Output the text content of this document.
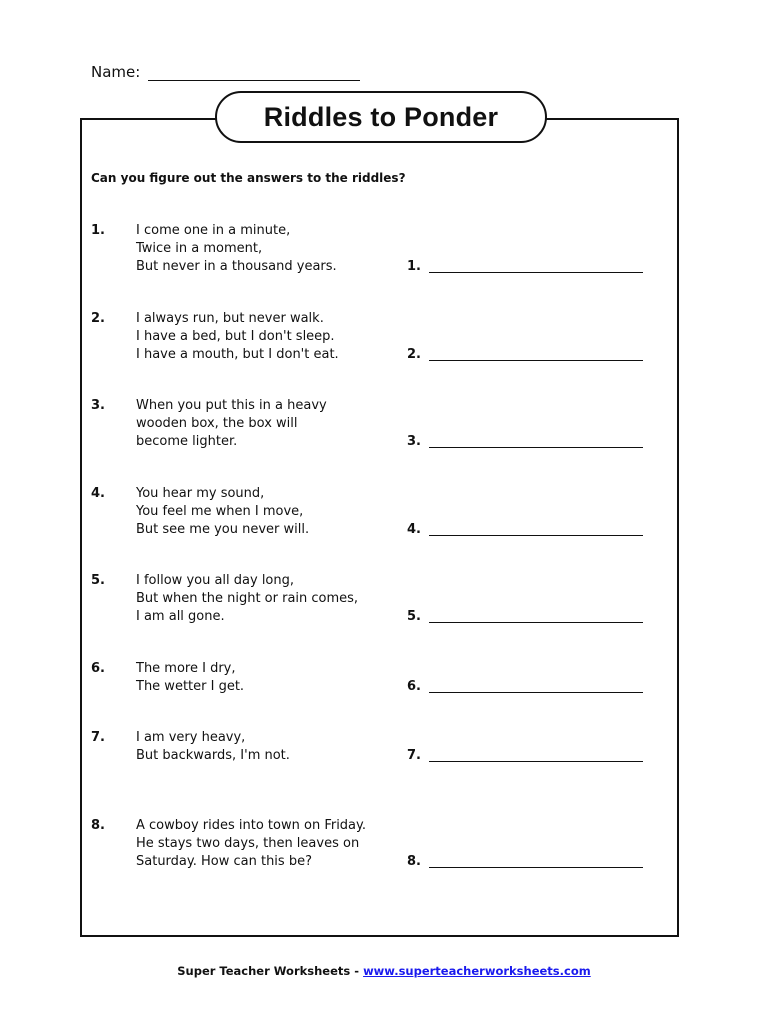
Name:
Riddles to Ponder
Can you figure out the answers to the riddles?
1. I come one in a minute,
Twice in a moment,
But never in a thousand years.	1.
2. I always run, but never walk.
I have a bed, but I don't sleep.
I have a mouth, but I don't eat.	2.
3. When you put this in a heavy
wooden box, the box will
become lighter.	3.
4. You hear my sound,
You feel me when I move,
But see me you never will.	4.
5. I follow you all day long,
But when the night or rain comes,
I am all gone.	5.
6. The more I dry,
The wetter I get.	6.
7. I am very heavy,
But backwards, I'm not.	7.
8. A cowboy rides into town on Friday.
He stays two days, then leaves on
Saturday. How can this be?	8.
Super Teacher Worksheets - www.superteacherworksheets.com
